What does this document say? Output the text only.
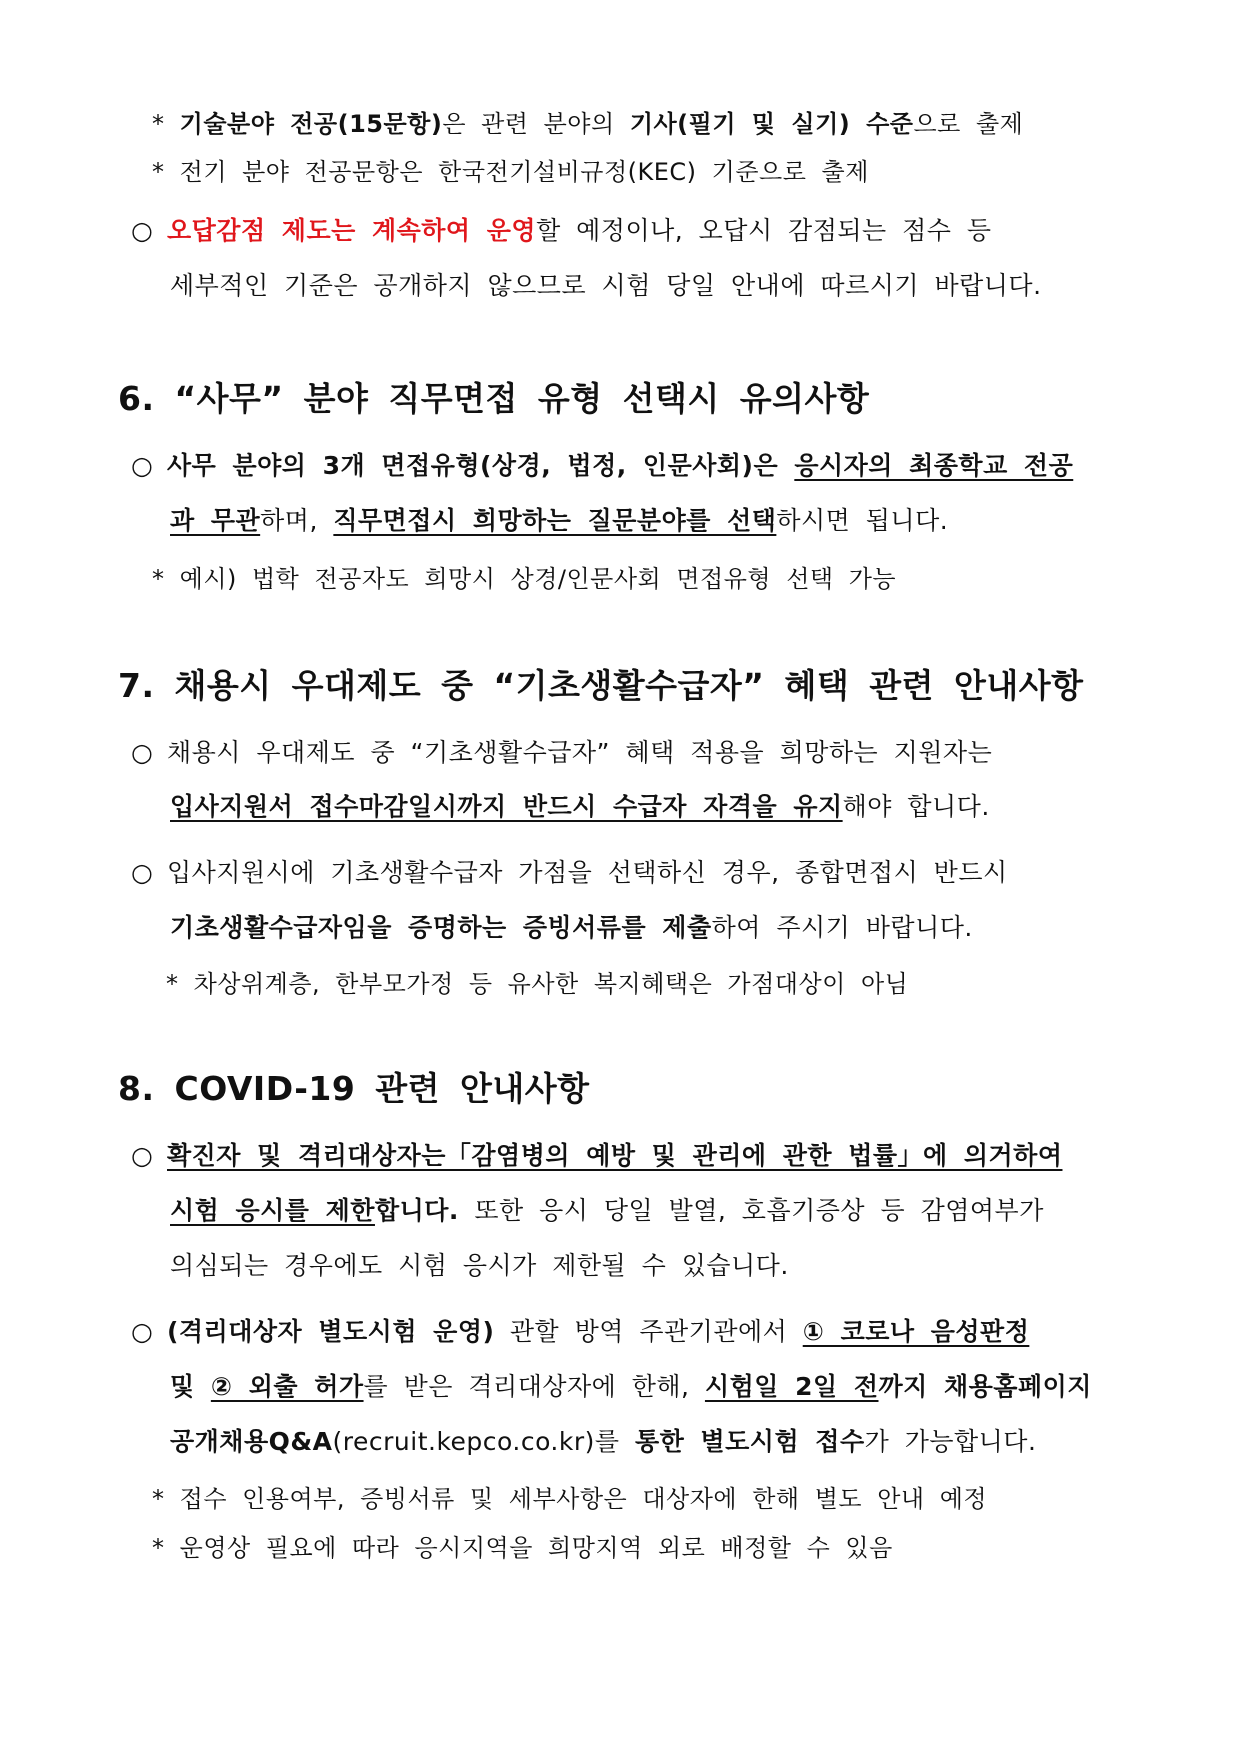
* 기술분야 전공(15문항)은 관련 분야의 기사(필기 및 실기) 수준으로 출제
* 전기 분야 전공문항은 한국전기설비규정(KEC) 기준으로 출제
○ 오답감점 제도는 계속하여 운영할 예정이나, 오답시 감점되는 점수 등
세부적인 기준은 공개하지 않으므로 시험 당일 안내에 따르시기 바랍니다.
6. “사무” 분야 직무면접 유형 선택시 유의사항
○ 사무 분야의 3개 면접유형(상경, 법정, 인문사회)은 응시자의 최종학교 전공
과 무관하며, 직무면접시 희망하는 질문분야를 선택하시면 됩니다.
* 예시) 법학 전공자도 희망시 상경/인문사회 면접유형 선택 가능
7. 채용시 우대제도 중 “기초생활수급자” 혜택 관련 안내사항
○ 채용시 우대제도 중 “기초생활수급자” 혜택 적용을 희망하는 지원자는
입사지원서 접수마감일시까지 반드시 수급자 자격을 유지해야 합니다.
○ 입사지원시에 기초생활수급자 가점을 선택하신 경우, 종합면접시 반드시
기초생활수급자임을 증명하는 증빙서류를 제출하여 주시기 바랍니다.
* 차상위계층, 한부모가정 등 유사한 복지혜택은 가점대상이 아님
8. COVID-19 관련 안내사항
○ 확진자 및 격리대상자는「감염병의 예방 및 관리에 관한 법률」에 의거하여
시험 응시를 제한합니다. 또한 응시 당일 발열, 호흡기증상 등 감염여부가
의심되는 경우에도 시험 응시가 제한될 수 있습니다.
○ (격리대상자 별도시험 운영) 관할 방역 주관기관에서 ① 코로나 음성판정
및 ② 외출 허가를 받은 격리대상자에 한해, 시험일 2일 전까지 채용홈페이지
공개채용Q&A(recruit.kepco.co.kr)를 통한 별도시험 접수가 가능합니다.
* 접수 인용여부, 증빙서류 및 세부사항은 대상자에 한해 별도 안내 예정
* 운영상 필요에 따라 응시지역을 희망지역 외로 배정할 수 있음
